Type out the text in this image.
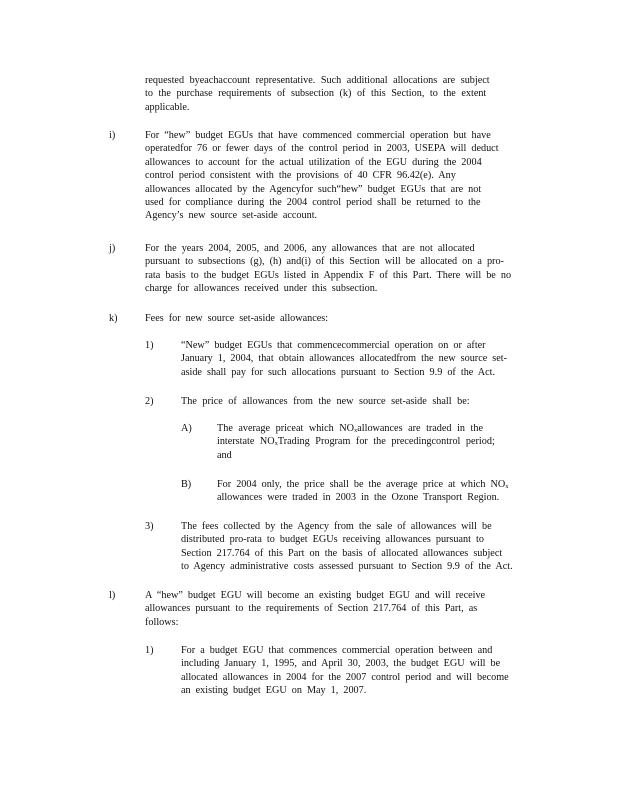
requested byeachaccount representative. Such additional allocations are subject
to the purchase requirements of subsection (k) of this Section, to the extent
applicable.
i)	For “hew” budget EGUs that have commenced commercial operation but have
operatedfor 76 or fewer days of the control period in 2003, USEPA will deduct
allowances to account for the actual utilization of the EGU during the 2004
control period consistent with the provisions of 40 CFR 96.42(e). Any
allowances allocated by the Agencyfor such“hew” budget EGUs that are not
used for compliance during the 2004 control period shall be returned to the
Agency’s new source set-aside account.
j)	For the years 2004, 2005, and 2006, any allowances that are not allocated
pursuant to subsections (g), (h) and(i) of this Section will be allocated on a pro-
rata basis to the budget EGUs listed in Appendix F of this Part. There will be no
charge for allowances received under this subsection.
k)	Fees for new source set-aside allowances:
1)	“New” budget EGUs that commencecommercial operation on or after
January 1, 2004, that obtain allowances allocatedfrom the new source set-
aside shall pay for such allocations pursuant to Section 9.9 of the Act.
2)	The price of allowances from the new source set-aside shall be:
A) The average priceat which $NO_xallowances$ are traded in the
interstate $NO_xTrading$ Program for the precedingcontrol period;
and
B)	For 2004 only, the price shall be the average price at which $NO_x$
allowances were traded in 2003 in the Ozone Transport Region.
3)	The fees collected by the Agency from the sale of allowances will be
distributed pro-rata to budget EGUs receiving allowances pursuant to
Section 217.764 of this Part on the basis of allocated allowances subject
to Agency administrative costs assessed pursuant to Section 9.9 of the Act.
l)	A “hew” budget EGU will become an existing budget EGU and will receive
allowances pursuant to the requirements of Section 217.764 of this Part, as
follows:
1)	For a budget EGU that commences commercial operation between and
including January 1, 1995, and April 30, 2003, the budget EGU will be
allocated allowances in 2004 for the 2007 control period and will become
an existing budget EGU on May 1, 2007.
